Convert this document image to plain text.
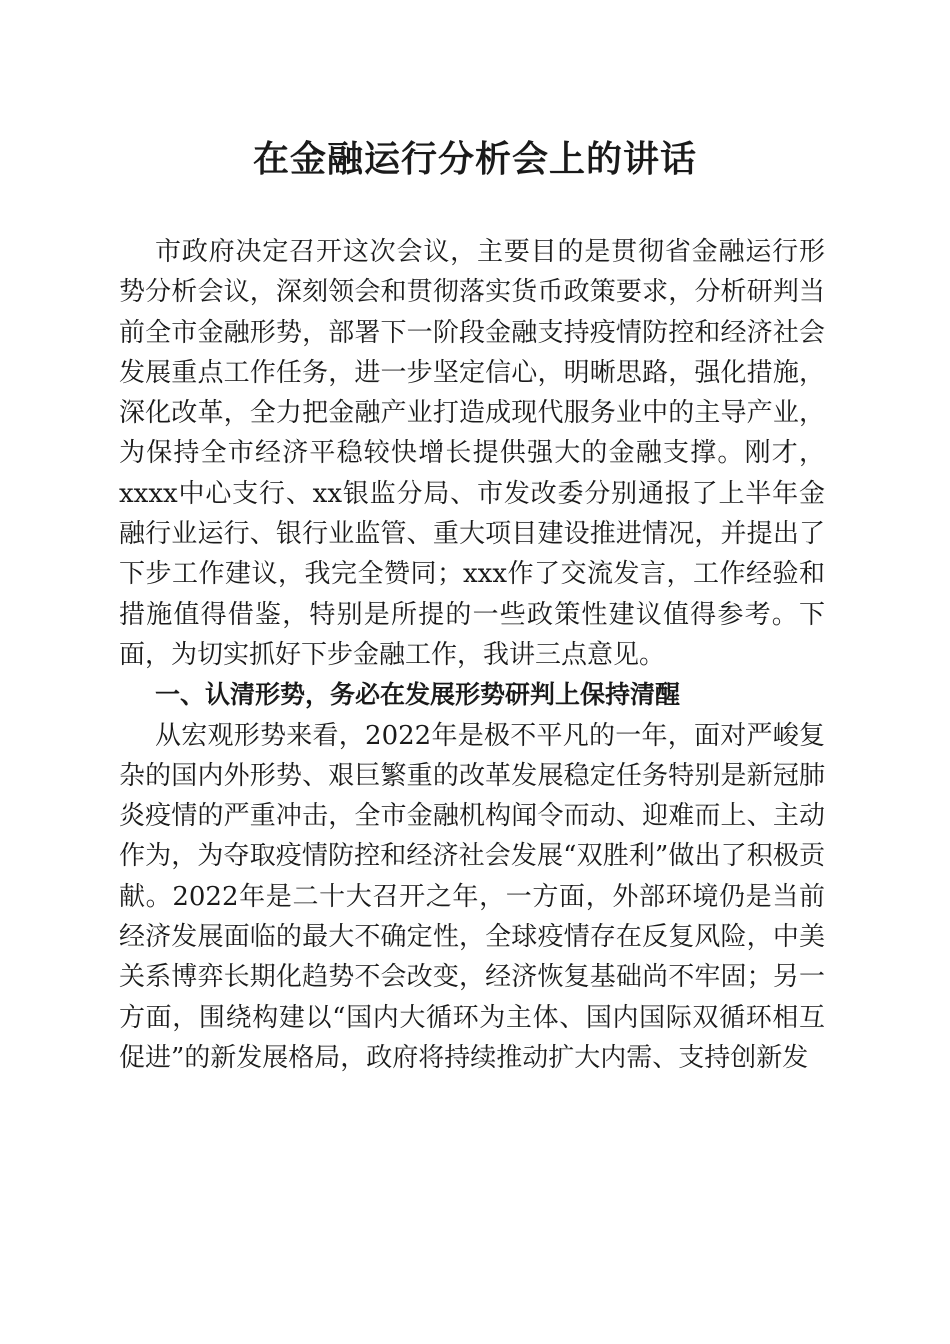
在金融运行分析会上的讲话

市政府决定召开这次会议，主要目的是贯彻省金融运行形势分析会议，深刻领会和贯彻落实货币政策要求，分析研判当前全市金融形势，部署下一阶段金融支持疫情防控和经济社会发展重点工作任务，进一步坚定信心，明晰思路，强化措施，深化改革，全力把金融产业打造成现代服务业中的主导产业，为保持全市经济平稳较快增长提供强大的金融支撑。刚才，xxxx中心支行、xx银监分局、市发改委分别通报了上半年金融行业运行、银行业监管、重大项目建设推进情况，并提出了下步工作建议，我完全赞同；xxx作了交流发言，工作经验和措施值得借鉴，特别是所提的一些政策性建议值得参考。下面，为切实抓好下步金融工作，我讲三点意见。

一、认清形势，务必在发展形势研判上保持清醒

从宏观形势来看，2022年是极不平凡的一年，面对严峻复杂的国内外形势、艰巨繁重的改革发展稳定任务特别是新冠肺炎疫情的严重冲击，全市金融机构闻令而动、迎难而上、主动作为，为夺取疫情防控和经济社会发展“双胜利”做出了积极贡献。2022年是二十大召开之年，一方面，外部环境仍是当前经济发展面临的最大不确定性，全球疫情存在反复风险，中美关系博弈长期化趋势不会改变，经济恢复基础尚不牢固；另一方面，围绕构建以“国内大循环为主体、国内国际双循环相互促进”的新发展格局，政府将持续推动扩大内需、支持创新发
